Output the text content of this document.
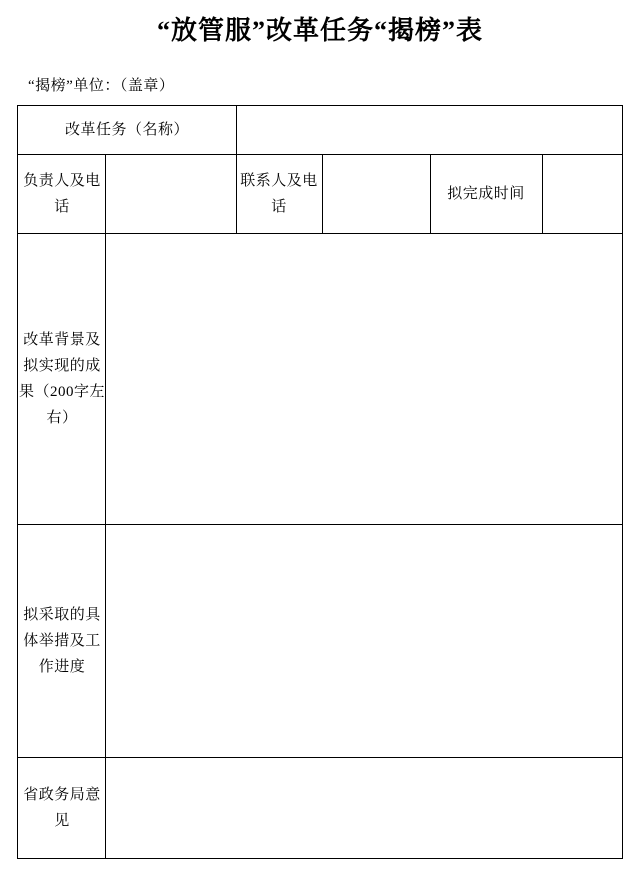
“放管服”改革任务“揭榜”表
“揭榜”单位：（盖章）
改革任务（名称）					
负责人及电话		联系人及电话		拟完成时间	
改革背景及拟实现的成果（200字左右）					
拟采取的具体举措及工作进度					
省政务局意见					
